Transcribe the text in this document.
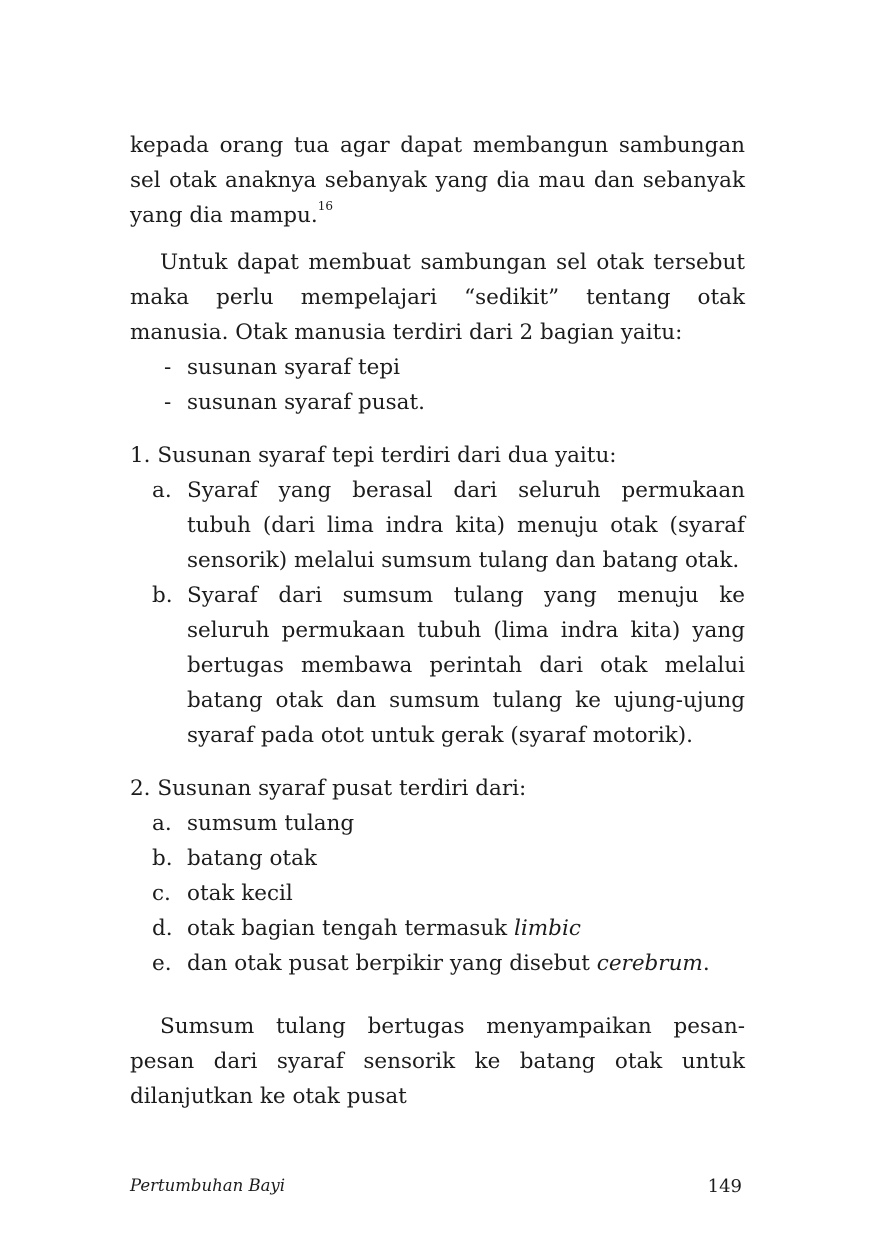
kepada orang tua agar dapat membangun sambungan sel otak anaknya sebanyak yang dia mau dan sebanyak yang dia mampu.$^{16}$

Untuk dapat membuat sambungan sel otak tersebut maka perlu mempelajari “sedikit” tentang otak manusia. Otak manusia terdiri dari 2 bagian yaitu:

- susunan syaraf tepi
- susunan syaraf pusat.

1. Susunan syaraf tepi terdiri dari dua yaitu:

a. Syaraf yang berasal dari seluruh permukaan tubuh (dari lima indra kita) menuju otak (syaraf sensorik) melalui sumsum tulang dan batang otak.
b. Syaraf dari sumsum tulang yang menuju ke seluruh permukaan tubuh (lima indra kita) yang bertugas membawa perintah dari otak melalui batang otak dan sumsum tulang ke ujung-ujung syaraf pada otot untuk gerak (syaraf motorik).

2. Susunan syaraf pusat terdiri dari:

a. sumsum tulang
b. batang otak
c. otak kecil
d. otak bagian tengah termasuk limbic
e. dan otak pusat berpikir yang disebut cerebrum.

Sumsum tulang bertugas menyampaikan pesan-pesan dari syaraf sensorik ke batang otak untuk dilanjutkan ke otak pusat

Pertumbuhan Bayi	149
